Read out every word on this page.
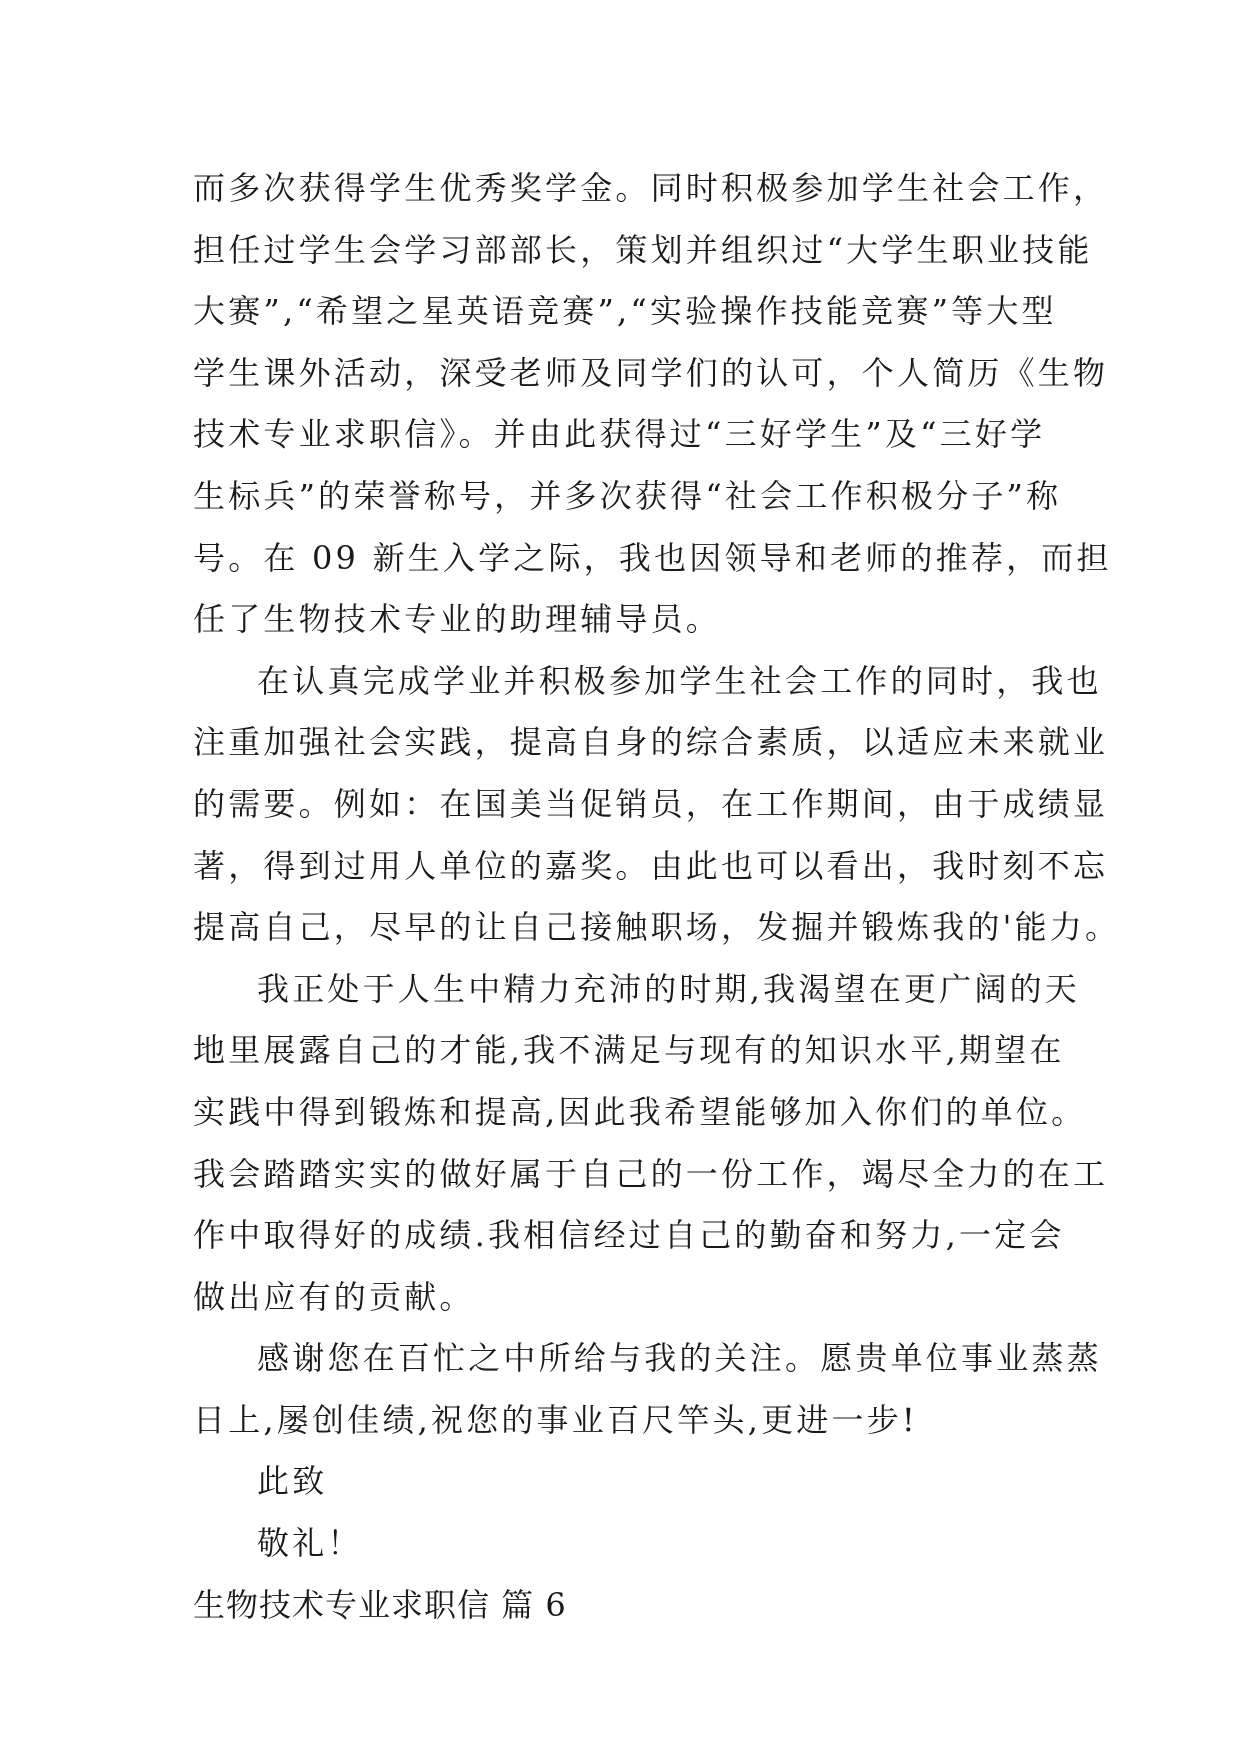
而多次获得学生优秀奖学金。同时积极参加学生社会工作，
担任过学生会学习部部长，策划并组织过“大学生职业技能
大赛”,“希望之星英语竞赛”,“实验操作技能竞赛”等大型
学生课外活动，深受老师及同学们的认可，个人简历《生物
技术专业求职信》。并由此获得过“三好学生”及“三好学
生标兵”的荣誉称号，并多次获得“社会工作积极分子”称
号。在 09 新生入学之际，我也因领导和老师的推荐，而担
任了生物技术专业的助理辅导员。
在认真完成学业并积极参加学生社会工作的同时，我也
注重加强社会实践，提高自身的综合素质，以适应未来就业
的需要。例如：在国美当促销员，在工作期间，由于成绩显
著，得到过用人单位的嘉奖。由此也可以看出，我时刻不忘
提高自己，尽早的让自己接触职场，发掘并锻炼我的'能力。
我正处于人生中精力充沛的时期,我渴望在更广阔的天
地里展露自己的才能,我不满足与现有的知识水平,期望在
实践中得到锻炼和提高,因此我希望能够加入你们的单位。
我会踏踏实实的做好属于自己的一份工作，竭尽全力的在工
作中取得好的成绩.我相信经过自己的勤奋和努力,一定会
做出应有的贡献。
感谢您在百忙之中所给与我的关注。愿贵单位事业蒸蒸
日上,屡创佳绩,祝您的事业百尺竿头,更进一步!
此致
敬礼！
生物技术专业求职信 篇 6
